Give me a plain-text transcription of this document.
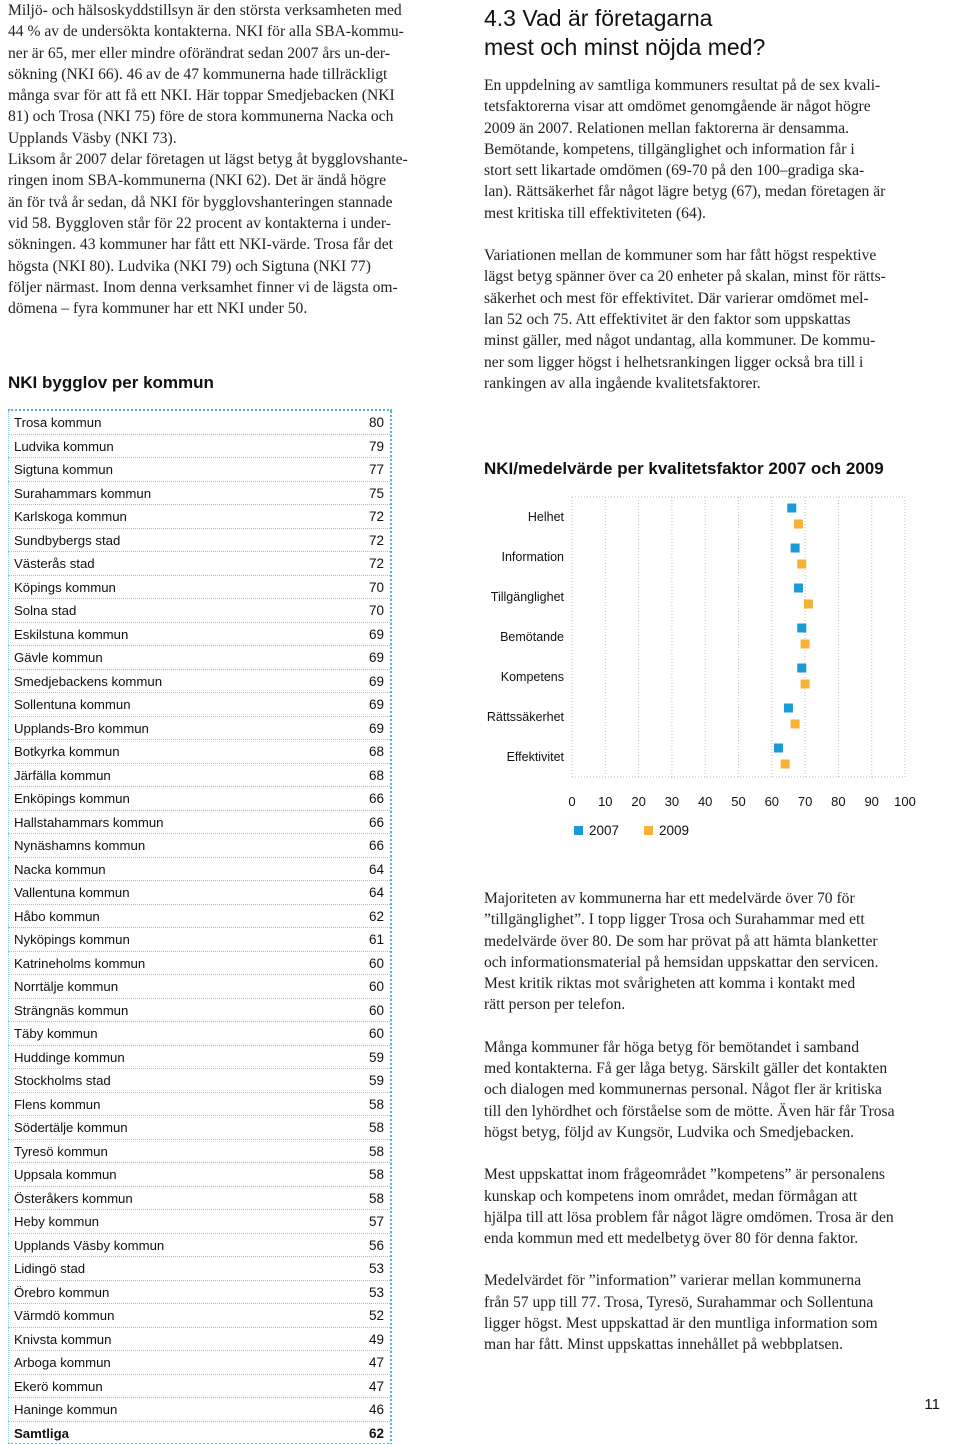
Miljö- och hälsoskyddstillsyn är den största verksamheten med
44 % av de undersökta kontakterna. NKI för alla SBA-kommu-
ner är 65, mer eller mindre oförändrat sedan 2007 års un-der-
sökning (NKI 66). 46 av de 47 kommunerna hade tillräckligt
många svar för att få ett NKI. Här toppar Smedjebacken (NKI
81) och Trosa (NKI 75) före de stora kommunerna Nacka och
Upplands Väsby (NKI 73).
Liksom år 2007 delar företagen ut lägst betyg åt bygglovshante-
ringen inom SBA-kommunerna (NKI 62). Det är ändå högre
än för två år sedan, då NKI för bygglovshanteringen stannade
vid 58. Byggloven står för 22 procent av kontakterna i under-
sökningen. 43 kommuner har fått ett NKI-värde. Trosa får det
högsta (NKI 80). Ludvika (NKI 79) och Sigtuna (NKI 77)
följer närmast. Inom denna verksamhet finner vi de lägsta om-
dömena – fyra kommuner har ett NKI under 50.
NKI bygglov per kommun
Trosa kommun	80
Ludvika kommun	79
Sigtuna kommun	77
Surahammars kommun	75
Karlskoga kommun	72
Sundbybergs stad	72
Västerås stad	72
Köpings kommun	70
Solna stad	70
Eskilstuna kommun	69
Gävle kommun	69
Smedjebackens kommun	69
Sollentuna kommun	69
Upplands-Bro kommun	69
Botkyrka kommun	68
Järfälla kommun	68
Enköpings kommun	66
Hallstahammars kommun	66
Nynäshamns kommun	66
Nacka kommun	64
Vallentuna kommun	64
Håbo kommun	62
Nyköpings kommun	61
Katrineholms kommun	60
Norrtälje kommun	60
Strängnäs kommun	60
Täby kommun	60
Huddinge kommun	59
Stockholms stad	59
Flens kommun	58
Södertälje kommun	58
Tyresö kommun	58
Uppsala kommun	58
Österåkers kommun	58
Heby kommun	57
Upplands Väsby kommun	56
Lidingö stad	53
Örebro kommun	53
Värmdö kommun	52
Knivsta kommun	49
Arboga kommun	47
Ekerö kommun	47
Haninge kommun	46
Samtliga	62
4.3 Vad är företagarna
mest och minst nöjda med?
En uppdelning av samtliga kommuners resultat på de sex kvali-
tetsfaktorerna visar att omdömet genomgående är något högre
2009 än 2007. Relationen mellan faktorerna är densamma.
Bemötande, kompetens, tillgänglighet och information får i
stort sett likartade omdömen (69-70 på den 100–gradiga ska-
lan). Rättsäkerhet får något lägre betyg (67), medan företagen är
mest kritiska till effektiviteten (64).
Variationen mellan de kommuner som har fått högst respektive
lägst betyg spänner över ca 20 enheter på skalan, minst för rätts-
säkerhet och mest för effektivitet. Där varierar omdömet mel-
lan 52 och 75. Att effektivitet är den faktor som uppskattas
minst gäller, med något undantag, alla kommuner. De kommu-
ner som ligger högst i helhetsrankingen ligger också bra till i
rankingen av alla ingående kvalitetsfaktorer.
NKI/medelvärde per kvalitetsfaktor 2007 och 2009
Helhet
Information
Tillgänglighet
Bemötande
Kompetens
Rättssäkerhet
Effektivitet
0 10 20 30 40 50 60 70 80 90 100
2007	2009
Majoriteten av kommunerna har ett medelvärde över 70 för
”tillgänglighet”. I topp ligger Trosa och Surahammar med ett
medelvärde över 80. De som har prövat på att hämta blanketter
och informationsmaterial på hemsidan uppskattar den servicen.
Mest kritik riktas mot svårigheten att komma i kontakt med
rätt person per telefon.
Många kommuner får höga betyg för bemötandet i samband
med kontakterna. Få ger låga betyg. Särskilt gäller det kontakten
och dialogen med kommunernas personal. Något fler är kritiska
till den lyhördhet och förståelse som de mötte. Även här får Trosa
högst betyg, följd av Kungsör, Ludvika och Smedjebacken.
Mest uppskattat inom frågeområdet ”kompetens” är personalens
kunskap och kompetens inom området, medan förmågan att
hjälpa till att lösa problem får något lägre omdömen. Trosa är den
enda kommun med ett medelbetyg över 80 för denna faktor.
Medelvärdet för ”information” varierar mellan kommunerna
från 57 upp till 77. Trosa, Tyresö, Surahammar och Sollentuna
ligger högst. Mest uppskattad är den muntliga information som
man har fått. Minst uppskattas innehållet på webbplatsen.
11
